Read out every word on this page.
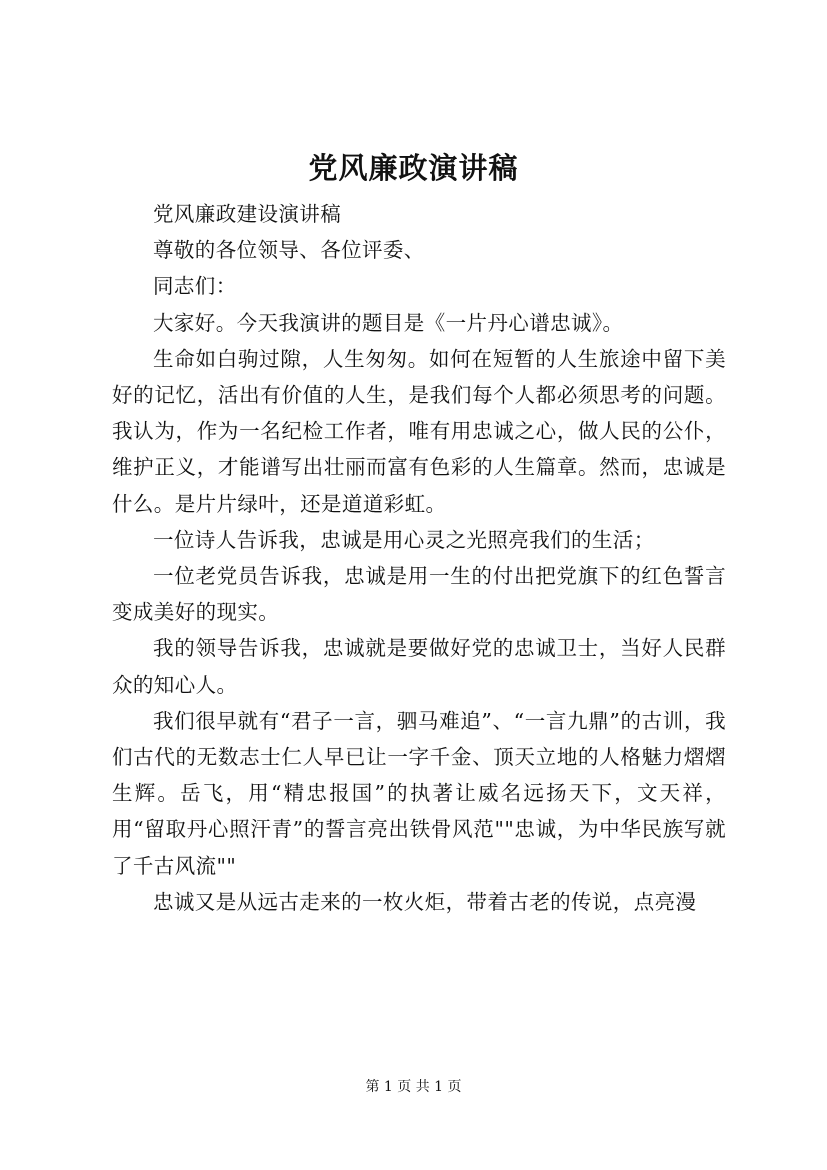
党风廉政演讲稿

党风廉政建设演讲稿

尊敬的各位领导、各位评委、

同志们：

大家好。今天我演讲的题目是《一片丹心谱忠诚》。

生命如白驹过隙，人生匆匆。如何在短暂的人生旅途中留下美好的记忆，活出有价值的人生，是我们每个人都必须思考的问题。我认为，作为一名纪检工作者，唯有用忠诚之心，做人民的公仆，维护正义，才能谱写出壮丽而富有色彩的人生篇章。然而，忠诚是什么。是片片绿叶，还是道道彩虹。

一位诗人告诉我，忠诚是用心灵之光照亮我们的生活；

一位老党员告诉我，忠诚是用一生的付出把党旗下的红色誓言变成美好的现实。

我的领导告诉我，忠诚就是要做好党的忠诚卫士，当好人民群众的知心人。

我们很早就有“君子一言，驷马难追”、“一言九鼎”的古训，我们古代的无数志士仁人早已让一字千金、顶天立地的人格魅力熠熠生辉。岳飞，用“精忠报国”的执著让威名远扬天下，文天祥，用“留取丹心照汗青”的誓言亮出铁骨风范""忠诚，为中华民族写就了千古风流""

忠诚又是从远古走来的一枚火炬，带着古老的传说，点亮漫

第 1 页 共 1 页
